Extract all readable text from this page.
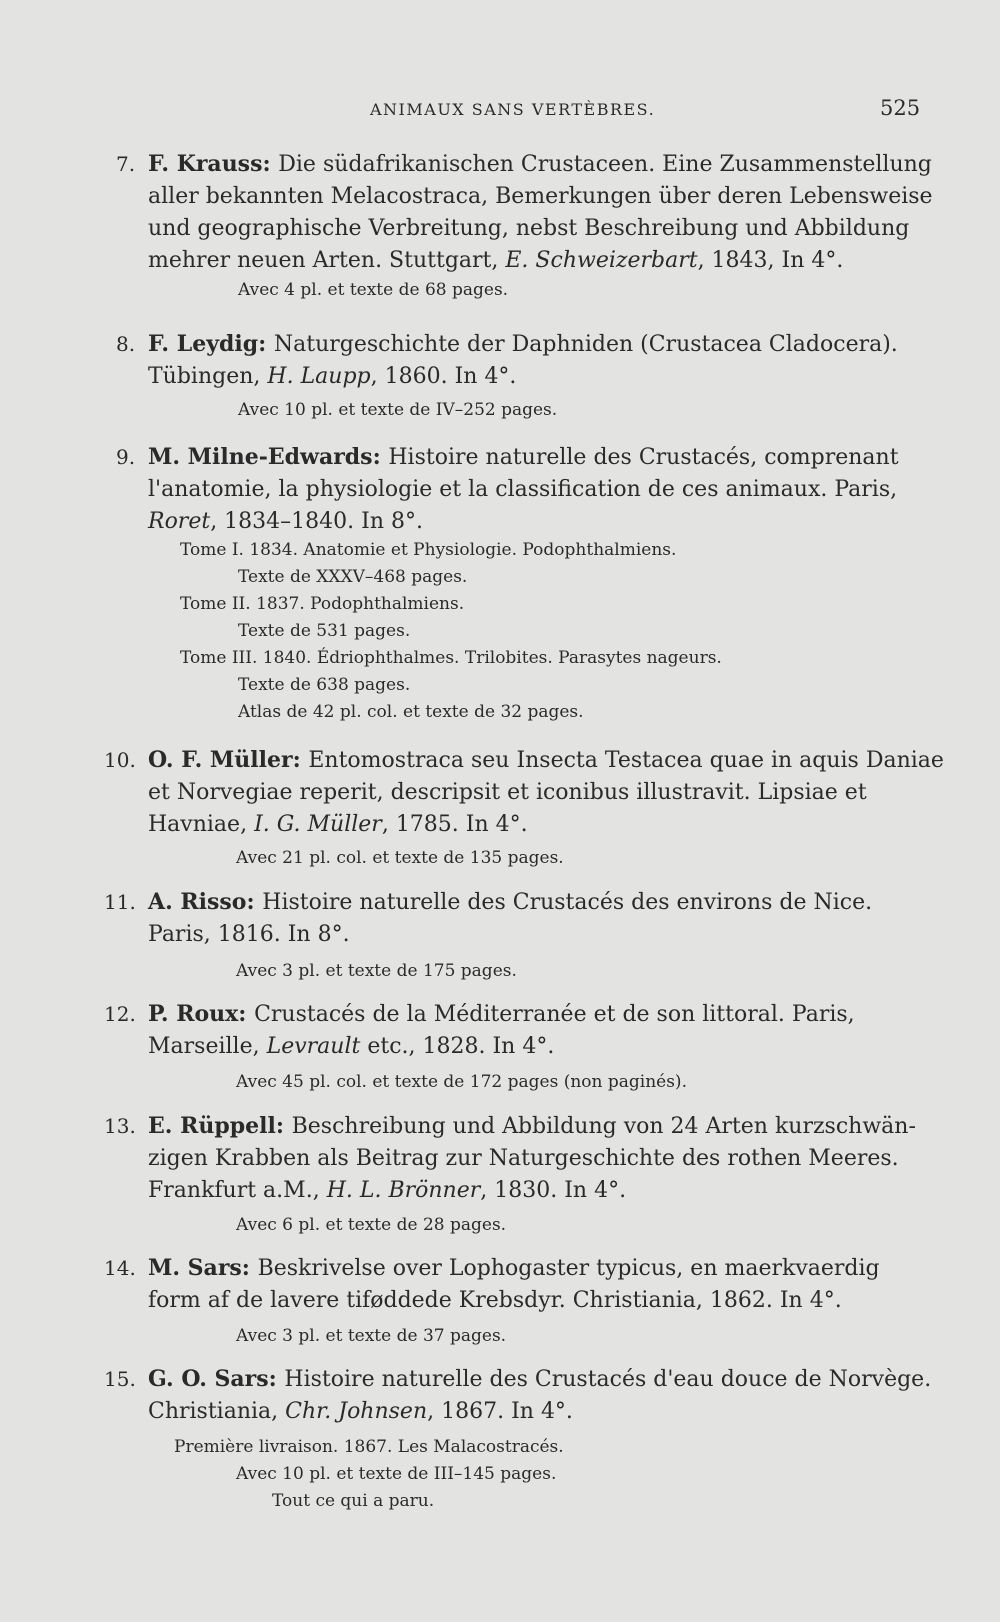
ANIMAUX SANS VERTÈBRES.	525
7. F. Krauss: Die südafrikanischen Crustaceen. Eine Zusammenstellung
aller bekannten Melacostraca, Bemerkungen über deren Lebensweise
und geographische Verbreitung, nebst Beschreibung und Abbildung
mehrer neuen Arten. Stuttgart, E. Schweizerbart, 1843, In 4°.
Avec 4 pl. et texte de 68 pages.
8. F. Leydig: Naturgeschichte der Daphniden (Crustacea Cladocera).
Tübingen, H. Laupp, 1860. In 4°.
Avec 10 pl. et texte de IV–252 pages.
9. M. Milne-Edwards: Histoire naturelle des Crustacés, comprenant
l'anatomie, la physiologie et la classification de ces animaux. Paris,
Roret, 1834–1840. In 8°.
Tome I. 1834. Anatomie et Physiologie. Podophthalmiens.
Texte de XXXV–468 pages.
Tome II. 1837. Podophthalmiens.
Texte de 531 pages.
Tome III. 1840. Édriophthalmes. Trilobites. Parasytes nageurs.
Texte de 638 pages.
Atlas de 42 pl. col. et texte de 32 pages.
10. O. F. Müller: Entomostraca seu Insecta Testacea quae in aquis Daniae
et Norvegiae reperit, descripsit et iconibus illustravit. Lipsiae et
Havniae, I. G. Müller, 1785. In 4°.
Avec 21 pl. col. et texte de 135 pages.
11. A. Risso: Histoire naturelle des Crustacés des environs de Nice.
Paris, 1816. In 8°.
Avec 3 pl. et texte de 175 pages.
12. P. Roux: Crustacés de la Méditerranée et de son littoral. Paris,
Marseille, Levrault etc., 1828. In 4°.
Avec 45 pl. col. et texte de 172 pages (non paginés).
13. E. Rüppell: Beschreibung und Abbildung von 24 Arten kurzschwän-
zigen Krabben als Beitrag zur Naturgeschichte des rothen Meeres.
Frankfurt a.M., H. L. Brönner, 1830. In 4°.
Avec 6 pl. et texte de 28 pages.
14. M. Sars: Beskrivelse over Lophogaster typicus, en maerkvaerdig
form af de lavere tiføddede Krebsdyr. Christiania, 1862. In 4°.
Avec 3 pl. et texte de 37 pages.
15. G. O. Sars: Histoire naturelle des Crustacés d'eau douce de Norvège.
Christiania, Chr. Johnsen, 1867. In 4°.
Première livraison. 1867. Les Malacostracés.
Avec 10 pl. et texte de III–145 pages.
Tout ce qui a paru.
